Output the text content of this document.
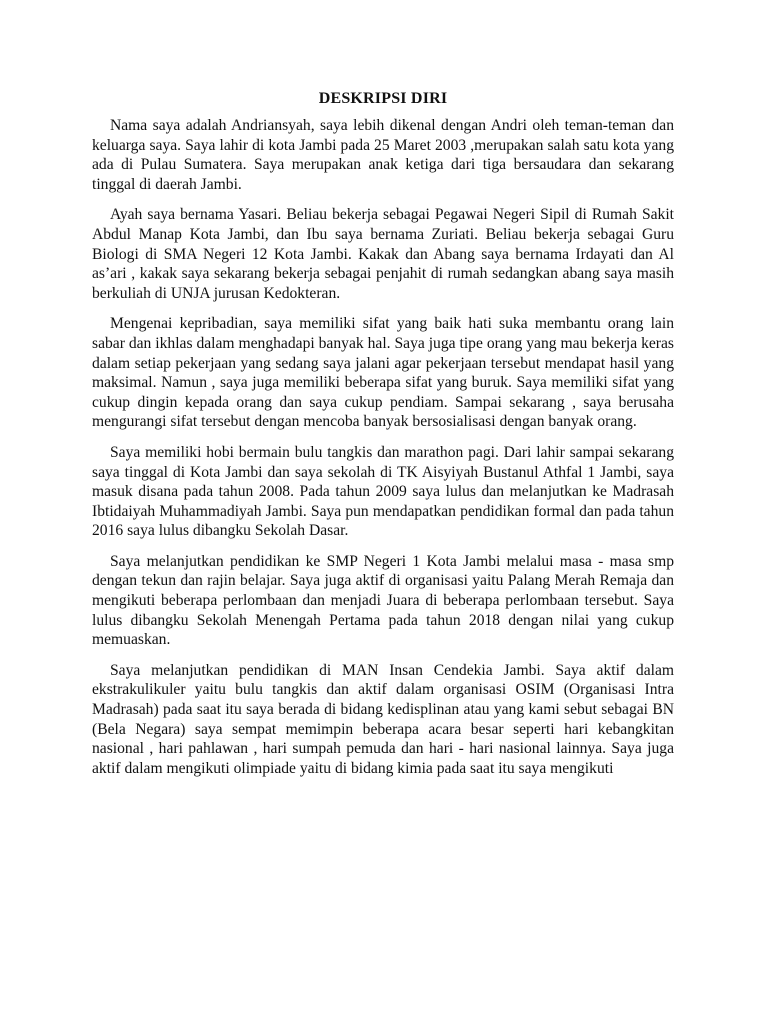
DESKRIPSI DIRI

Nama saya adalah Andriansyah, saya lebih dikenal dengan Andri oleh teman-teman dan keluarga saya. Saya lahir di kota Jambi pada 25 Maret 2003 ,merupakan salah satu kota yang ada di Pulau Sumatera. Saya merupakan anak ketiga dari tiga bersaudara dan sekarang tinggal di daerah Jambi.

Ayah saya bernama Yasari. Beliau bekerja sebagai Pegawai Negeri Sipil di Rumah Sakit Abdul Manap Kota Jambi, dan Ibu saya bernama Zuriati. Beliau bekerja sebagai Guru Biologi di SMA Negeri 12 Kota Jambi. Kakak dan Abang saya bernama Irdayati dan Al as’ari , kakak saya sekarang bekerja sebagai penjahit di rumah sedangkan abang saya masih berkuliah di UNJA jurusan Kedokteran.

Mengenai kepribadian, saya memiliki sifat yang baik hati suka membantu orang lain sabar dan ikhlas dalam menghadapi banyak hal. Saya juga tipe orang yang mau bekerja keras dalam setiap pekerjaan yang sedang saya jalani agar pekerjaan tersebut mendapat hasil yang maksimal. Namun , saya juga memiliki beberapa sifat yang buruk. Saya memiliki sifat yang cukup dingin kepada orang dan saya cukup pendiam. Sampai sekarang , saya berusaha mengurangi sifat tersebut dengan mencoba banyak bersosialisasi dengan banyak orang.

Saya memiliki hobi bermain bulu tangkis dan marathon pagi. Dari lahir sampai sekarang saya tinggal di Kota Jambi dan saya sekolah di TK Aisyiyah Bustanul Athfal 1 Jambi, saya masuk disana pada tahun 2008. Pada tahun 2009 saya lulus dan melanjutkan ke Madrasah Ibtidaiyah Muhammadiyah Jambi. Saya pun mendapatkan pendidikan formal dan pada tahun 2016 saya lulus dibangku Sekolah Dasar.

Saya melanjutkan pendidikan ke SMP Negeri 1 Kota Jambi melalui masa - masa smp dengan tekun dan rajin belajar. Saya juga aktif di organisasi yaitu Palang Merah Remaja dan mengikuti beberapa perlombaan dan menjadi Juara di beberapa perlombaan tersebut. Saya lulus dibangku Sekolah Menengah Pertama pada tahun 2018 dengan nilai yang cukup memuaskan.

Saya melanjutkan pendidikan di MAN Insan Cendekia Jambi. Saya aktif dalam ekstrakulikuler yaitu bulu tangkis dan aktif dalam organisasi OSIM (Organisasi Intra Madrasah) pada saat itu saya berada di bidang kedisplinan atau yang kami sebut sebagai BN (Bela Negara) saya sempat memimpin beberapa acara besar seperti hari kebangkitan nasional , hari pahlawan , hari sumpah pemuda dan hari - hari nasional lainnya. Saya juga aktif dalam mengikuti olimpiade yaitu di bidang kimia pada saat itu saya mengikuti
